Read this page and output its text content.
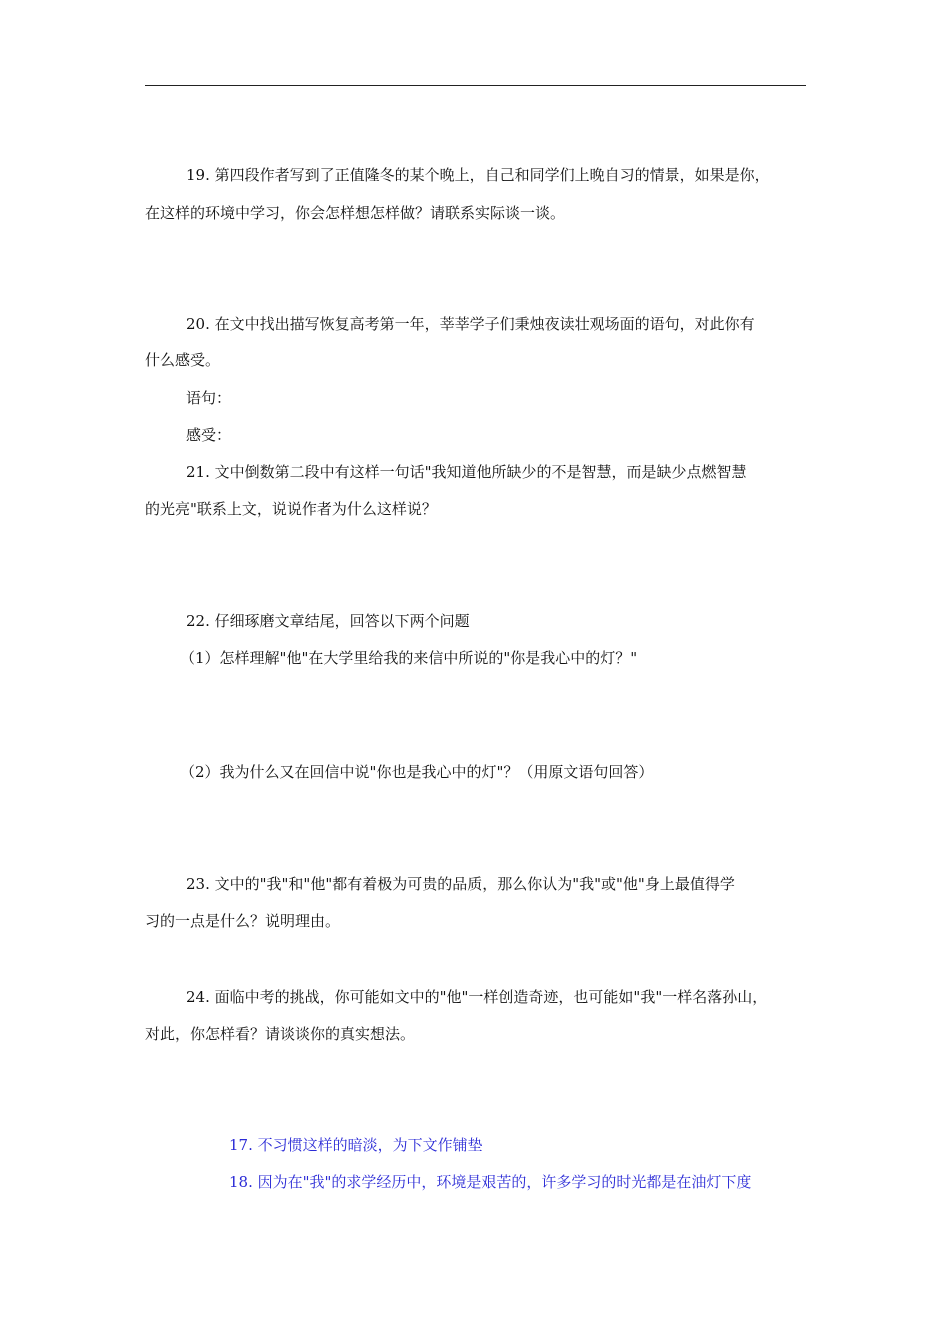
19. 第四段作者写到了正值隆冬的某个晚上，自己和同学们上晚自习的情景，如果是你，
在这样的环境中学习，你会怎样想怎样做？请联系实际谈一谈。
20. 在文中找出描写恢复高考第一年，莘莘学子们秉烛夜读壮观场面的语句，对此你有
什么感受。
语句：
感受：
21. 文中倒数第二段中有这样一句话"我知道他所缺少的不是智慧，而是缺少点燃智慧
的光亮"联系上文，说说作者为什么这样说？
22. 仔细琢磨文章结尾，回答以下两个问题
（1）怎样理解"他"在大学里给我的来信中所说的"你是我心中的灯？"
（2）我为什么又在回信中说"你也是我心中的灯"？（用原文语句回答）
23. 文中的"我"和"他"都有着极为可贵的品质，那么你认为"我"或"他"身上最值得学
习的一点是什么？说明理由。
24. 面临中考的挑战，你可能如文中的"他"一样创造奇迹，也可能如"我"一样名落孙山，
对此，你怎样看？请谈谈你的真实想法。
17. 不习惯这样的暗淡，为下文作铺垫
18. 因为在"我"的求学经历中，环境是艰苦的，许多学习的时光都是在油灯下度
